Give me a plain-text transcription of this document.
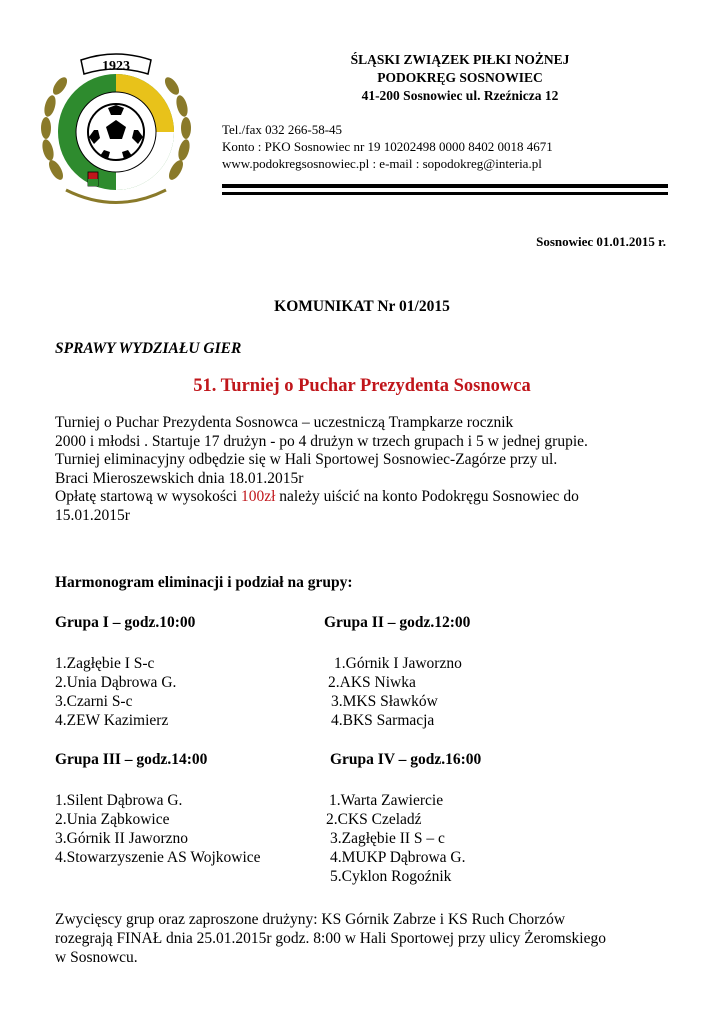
1923	ŚLĄSKI ZWIĄZEK PIŁKI NOŻNEJ
PODOKRĘG SOSNOWIEC
41-200 Sosnowiec ul. Rzeźnicza 12
Tel./fax 032 266-58-45
Konto : PKO Sosnowiec nr 19 10202498 0000 8402 0018 4671
www.podokregsosnowiec.pl : e-mail : sopodokreg@interia.pl
Sosnowiec 01.01.2015 r.
KOMUNIKAT Nr 01/2015
SPRAWY WYDZIAŁU GIER
51. Turniej o Puchar Prezydenta Sosnowca
Turniej o Puchar Prezydenta Sosnowca – uczestniczą Trampkarze rocznik
2000 i młodsi . Startuje 17 drużyn - po 4 drużyn w trzech grupach i 5 w jednej grupie.
Turniej eliminacyjny odbędzie się w Hali Sportowej Sosnowiec-Zagórze przy ul.
Braci Mieroszewskich dnia 18.01.2015r
Opłatę startową w wysokości 100zł należy uiścić na konto Podokręgu Sosnowiec do
15.01.2015r
Harmonogram eliminacji i podział na grupy:
Grupa I – godz.10:00
1.Zagłębie I S-c
2.Unia Dąbrowa G.
3.Czarni S-c
4.ZEW Kazimierz
Grupa II – godz.12:00
1.Górnik I Jaworzno
2.AKS Niwka
3.MKS Sławków
4.BKS Sarmacja
Grupa III – godz.14:00
1.Silent Dąbrowa G.
2.Unia Ząbkowice
3.Górnik II Jaworzno
4.Stowarzyszenie AS Wojkowice
Grupa IV – godz.16:00
1.Warta Zawiercie
2.CKS Czeladź
3.Zagłębie II S – c
4.MUKP Dąbrowa G.
5.Cyklon Rogoźnik
Zwycięscy grup oraz zaproszone drużyny: KS Górnik Zabrze i KS Ruch Chorzów
rozegrają FINAŁ dnia 25.01.2015r godz. 8:00 w Hali Sportowej przy ulicy Żeromskiego
w Sosnowcu.
